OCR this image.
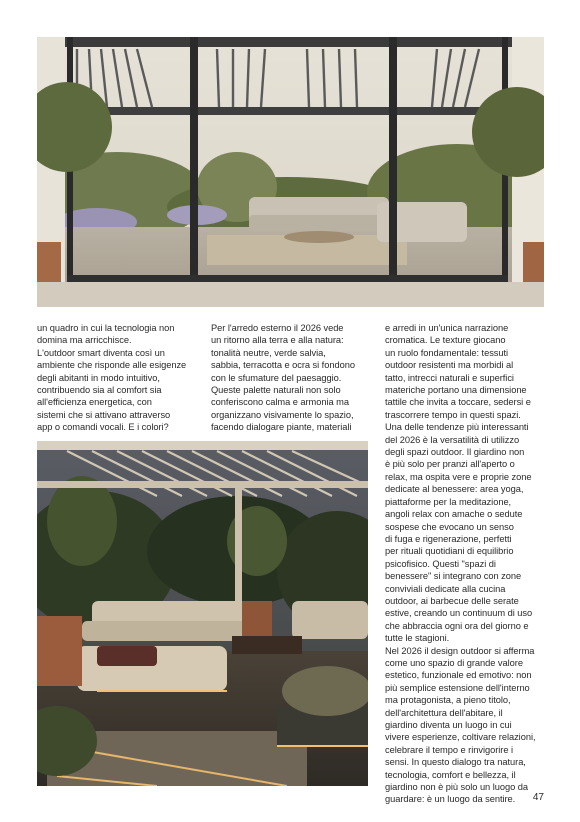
un quadro in cui la tecnologia non
domina ma arricchisce.
L'outdoor smart diventa così un
ambiente che risponde alle esigenze
degli abitanti in modo intuitivo,
contribuendo sia al comfort sia
all'efficienza energetica, con
sistemi che si attivano attraverso
app o comandi vocali. E i colori?

Per l'arredo esterno il 2026 vede
un ritorno alla terra e alla natura:
tonalità neutre, verde salvia,
sabbia, terracotta e ocra si fondono
con le sfumature del paesaggio.
Queste palette naturali non solo
conferiscono calma e armonia ma
organizzano visivamente lo spazio,
facendo dialogare piante, materiali

e arredi in un'unica narrazione
cromatica. Le texture giocano
un ruolo fondamentale: tessuti
outdoor resistenti ma morbidi al
tatto, intrecci naturali e superfici
materiche portano una dimensione
tattile che invita a toccare, sedersi e
trascorrere tempo in questi spazi.
Una delle tendenze più interessanti
del 2026 è la versatilità di utilizzo
degli spazi outdoor. Il giardino non
è più solo per pranzi all'aperto o
relax, ma ospita vere e proprie zone
dedicate al benessere: area yoga,
piattaforme per la meditazione,
angoli relax con amache o sedute
sospese che evocano un senso
di fuga e rigenerazione, perfetti
per rituali quotidiani di equilibrio
psicofisico. Questi "spazi di
benessere" si integrano con zone
conviviali dedicate alla cucina
outdoor, ai barbecue delle serate
estive, creando un continuum di uso
che abbraccia ogni ora del giorno e
tutte le stagioni.
Nel 2026 il design outdoor si afferma
come uno spazio di grande valore
estetico, funzionale ed emotivo: non
più semplice estensione dell'interno
ma protagonista, a pieno titolo,
dell'architettura dell'abitare, il
giardino diventa un luogo in cui
vivere esperienze, coltivare relazioni,
celebrare il tempo e rinvigorire i
sensi. In questo dialogo tra natura,
tecnologia, comfort e bellezza, il
giardino non è più solo un luogo da
guardare: è un luogo da sentire.	47
